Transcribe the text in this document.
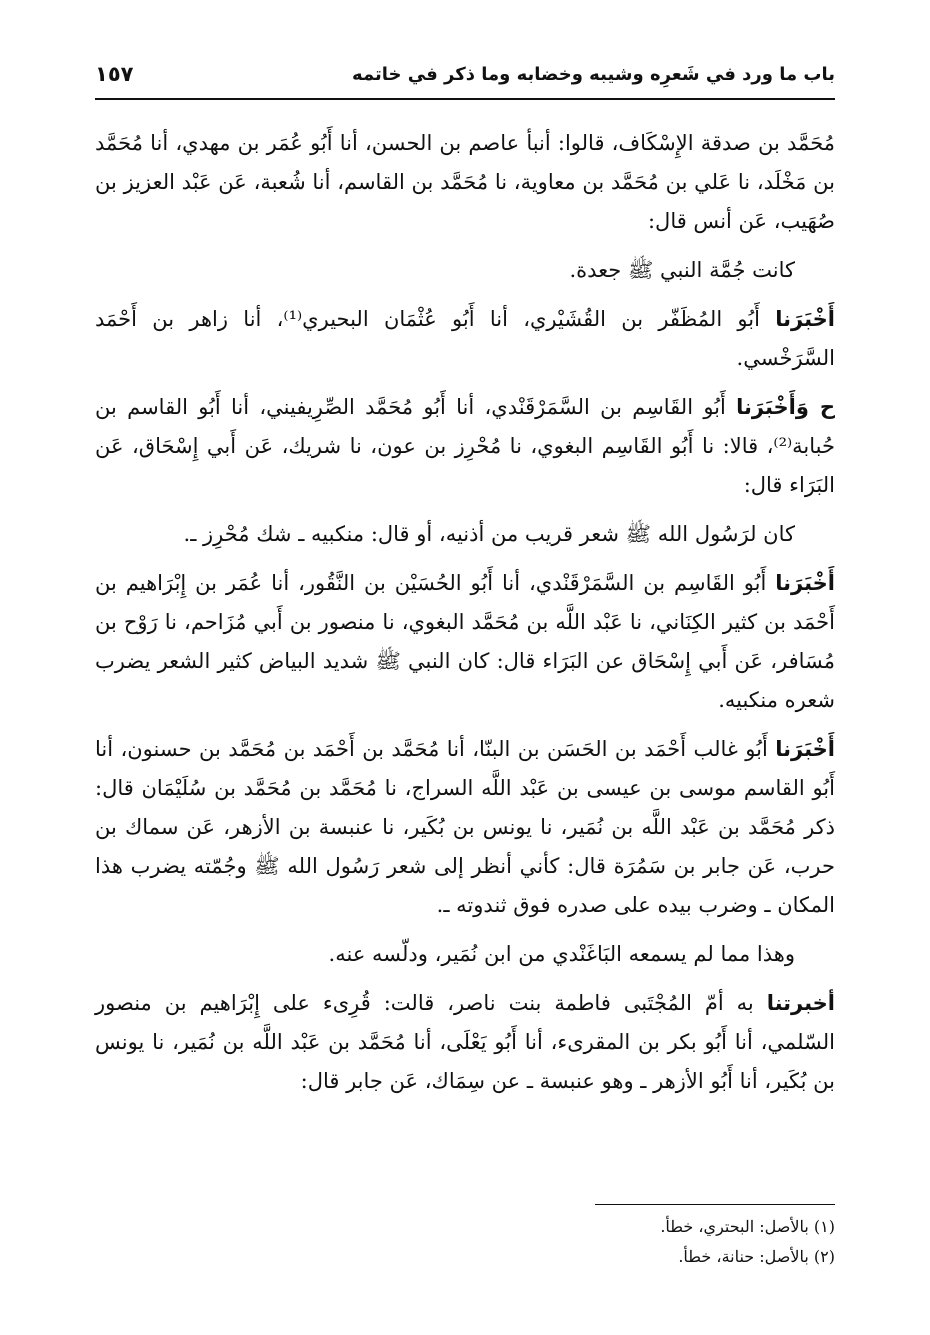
باب ما ورد في شَعرِه وشيبه وخضابه وما ذكر في خاتمه
١٥٧

مُحَمَّد بن صدقة الإِسْكَاف، قالوا: أنبأ عاصم بن الحسن، أنا أَبُو عُمَر بن مهدي، أنا مُحَمَّد بن مَخْلَد، نا عَلي بن مُحَمَّد بن معاوية، نا مُحَمَّد بن القاسم، أنا شُعبة، عَن عَبْد العزيز بن صُهَيب، عَن أنس قال:

كانت جُمَّة النبي ﷺ جعدة.

أَخْبَرَنا أَبُو المُظَفّر بن القُشَيْري، أنا أَبُو عُثْمَان البحيري⁽¹⁾، أنا زاهر بن أَحْمَد السَّرَخْسي.

ح وَأَخْبَرَنا أَبُو القَاسِم بن السَّمَرْقَنْدي، أنا أَبُو مُحَمَّد الصِّرِيفيني، أنا أَبُو القاسم بن حُبابة⁽²⁾، قالا: نا أَبُو القَاسِم البغوي، نا مُحْرِز بن عون، نا شريك، عَن أَبي إِسْحَاق، عَن البَرَاء قال:

كان لرَسُول الله ﷺ شعر قريب من أذنيه، أو قال: منكبيه ـ شك مُحْرِز ـ.

أَخْبَرَنا أَبُو القَاسِم بن السَّمَرْقَنْدي، أنا أَبُو الحُسَيْن بن النَّقُور، أنا عُمَر بن إِبْرَاهيم بن أَحْمَد بن كثير الكِنَاني، نا عَبْد اللَّه بن مُحَمَّد البغوي، نا منصور بن أَبي مُزَاحم، نا رَوْح بن مُسَافر، عَن أَبي إِسْحَاق عن البَرَاء قال: كان النبي ﷺ شديد البياض كثير الشعر يضرب شعره منكبيه.

أَخْبَرَنا أَبُو غالب أَحْمَد بن الحَسَن بن البنّا، أنا مُحَمَّد بن أَحْمَد بن مُحَمَّد بن حسنون، أنا أَبُو القاسم موسى بن عيسى بن عَبْد اللَّه السراج، نا مُحَمَّد بن مُحَمَّد بن سُلَيْمَان قال: ذكر مُحَمَّد بن عَبْد اللَّه بن نُمَير، نا يونس بن بُكَير، نا عنبسة بن الأزهر، عَن سماك بن حرب، عَن جابر بن سَمُرَة قال: كأني أنظر إلى شعر رَسُول الله ﷺ وجُمّته يضرب هذا المكان ـ وضرب بيده على صدره فوق ثندوته ـ.

وهذا مما لم يسمعه البَاغَنْدي من ابن نُمَير، ودلّسه عنه.

أخبرتنا به أمّ المُجْتَبى فاطمة بنت ناصر، قالت: قُرِىء على إِبْرَاهيم بن منصور السّلمي، أنا أَبُو بكر بن المقرىء، أنا أَبُو يَعْلَى، أنا مُحَمَّد بن عَبْد اللَّه بن نُمَير، نا يونس بن بُكَير، أنا أَبُو الأزهر ـ وهو عنبسة ـ عن سِمَاك، عَن جابر قال:

(١) بالأصل: البحتري، خطأ.
(٢) بالأصل: حنانة، خطأ.
